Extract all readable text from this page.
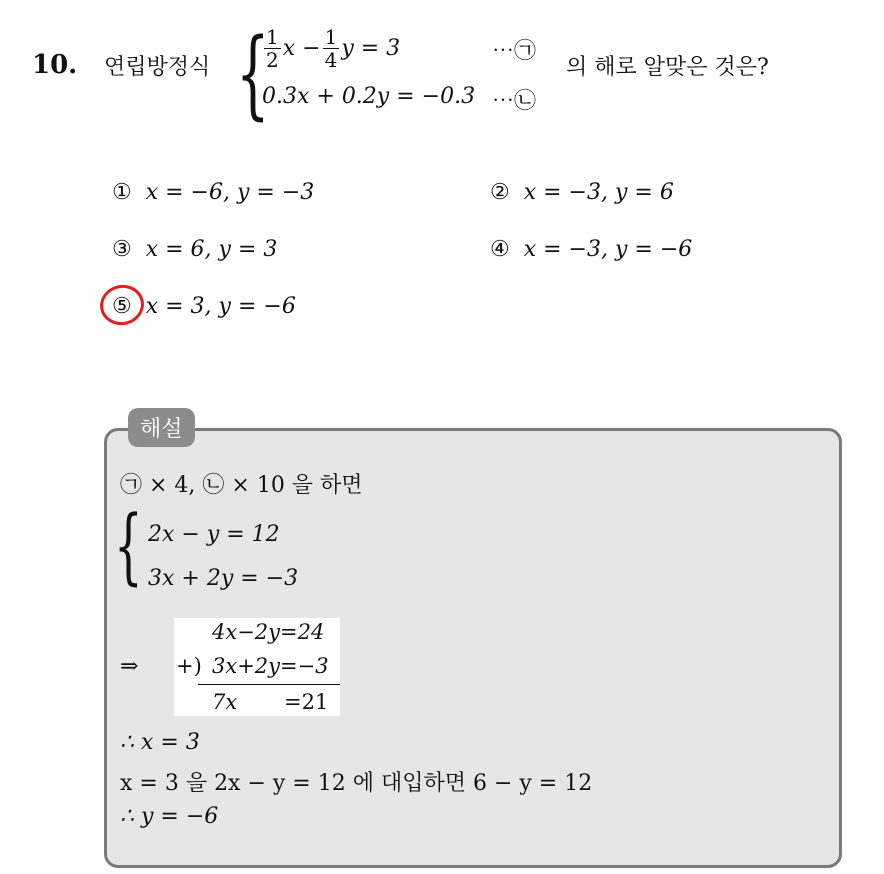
10. 연립방정식 {
$\frac{1}{2}$ $x - \frac{1}{4}$ y = 3	⋯㉠
0.3x + 0.2y = −0.3 ⋯㉡
의 해로 알맞은 것은?
① x = −6, y = −3	② x = −3, y = 6
③ x = 6, y = 3	④ x = −3, y = −6
⑤ x = 3, y = −6
해설
㉠ × 4, ㉡ × 10 을 하면
{ 2x − y = 12
3x + 2y = −3
⇒
4x−2y=24
+) 3x+2y=−3
7x =21
∴ x = 3
x = 3 을 2x − y = 12 에 대입하면 6 − y = 12
∴ y = −6
